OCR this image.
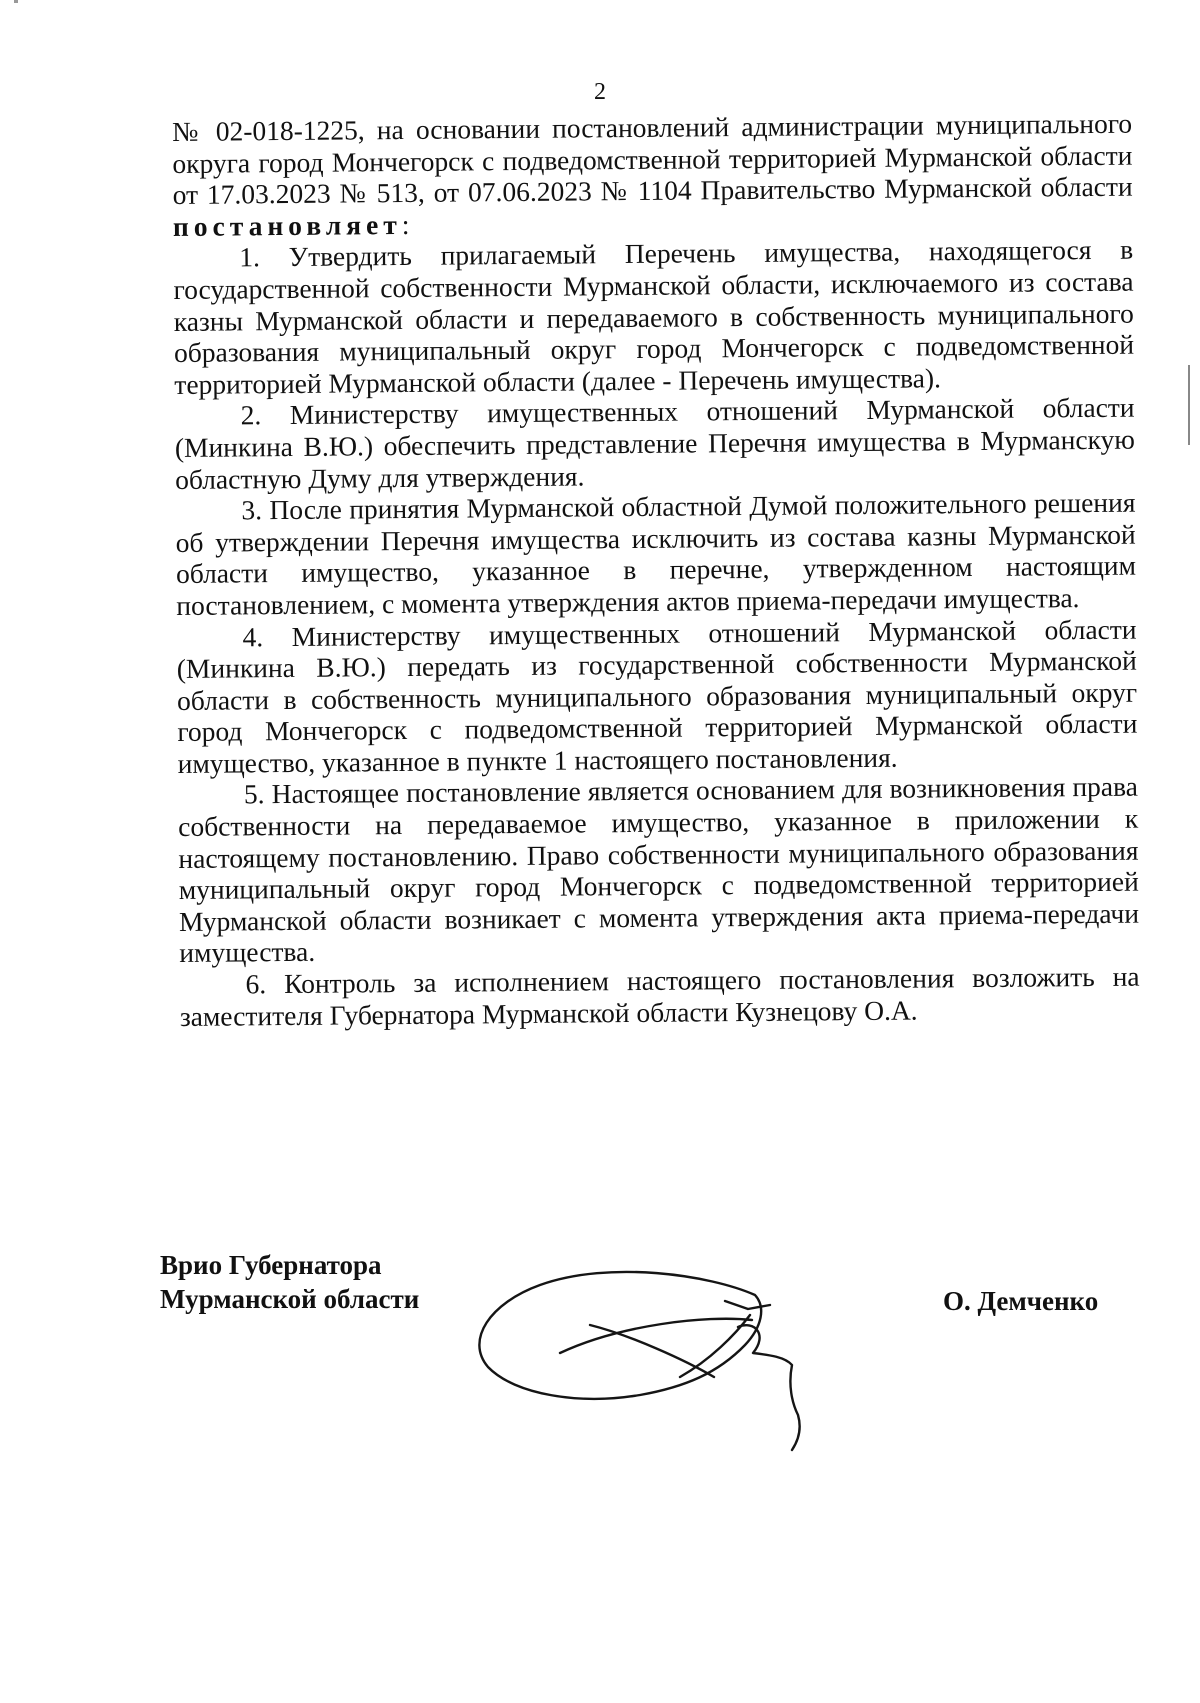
2

№ 02-018-1225, на основании постановлений администрации муниципального округа город Мончегорск с подведомственной территорией Мурманской области от 17.03.2023 № 513, от 07.06.2023 № 1104 Правительство Мурманской области постановляет:

1. Утвердить прилагаемый Перечень имущества, находящегося в государственной собственности Мурманской области, исключаемого из состава казны Мурманской области и передаваемого в собственность муниципального образования муниципальный округ город Мончегорск с подведомственной территорией Мурманской области (далее - Перечень имущества).

2. Министерству имущественных отношений Мурманской области (Минкина В.Ю.) обеспечить представление Перечня имущества в Мурманскую областную Думу для утверждения.

3. После принятия Мурманской областной Думой положительного решения об утверждении Перечня имущества исключить из состава казны Мурманской области имущество, указанное в перечне, утвержденном настоящим постановлением, с момента утверждения актов приема-передачи имущества.

4. Министерству имущественных отношений Мурманской области (Минкина В.Ю.) передать из государственной собственности Мурманской области в собственность муниципального образования муниципальный округ город Мончегорск с подведомственной территорией Мурманской области имущество, указанное в пункте 1 настоящего постановления.

5. Настоящее постановление является основанием для возникновения права собственности на передаваемое имущество, указанное в приложении к настоящему постановлению. Право собственности муниципального образования муниципальный округ город Мончегорск с подведомственной территорией Мурманской области возникает с момента утверждения акта приема-передачи имущества.

6. Контроль за исполнением настоящего постановления возложить на заместителя Губернатора Мурманской области Кузнецову О.А.

Врио Губернатора
Мурманской области	О. Демченко
